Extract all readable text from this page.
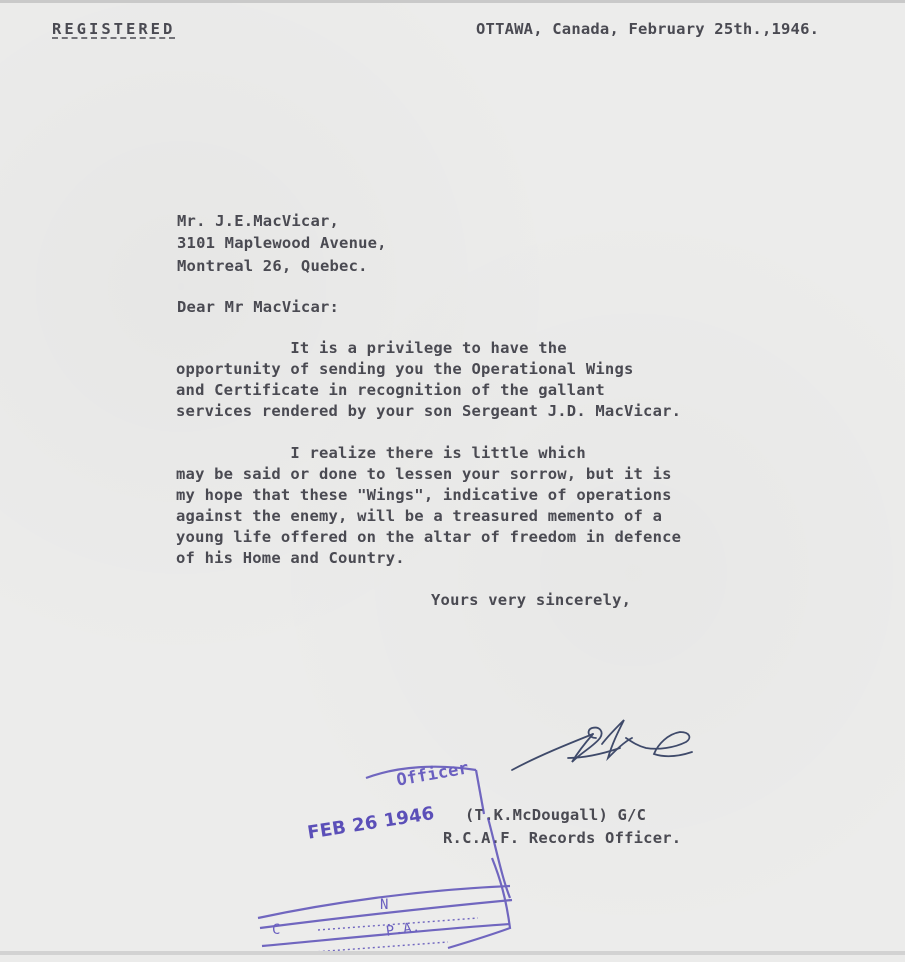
REGISTERED	OTTAWA, Canada, February 25th.,1946.
Mr. J.E.MacVicar,
3101 Maplewood Avenue,
Montreal 26, Quebec.
Dear Mr MacVicar:
It is a privilege to have the
opportunity of sending you the Operational Wings
and Certificate in recognition of the gallant
services rendered by your son Sergeant J.D. MacVicar.
I realize there is little which
may be said or done to lessen your sorrow, but it is
my hope that these "Wings", indicative of operations
against the enemy, will be a treasured memento of a
young life offered on the altar of freedom in defence
of his Home and Country.
Yours very sincerely,
(T.K.McDougall) G/C
R.C.A.F. Records Officer.
Officer
FEB 26 1946
N
C	P.A.
